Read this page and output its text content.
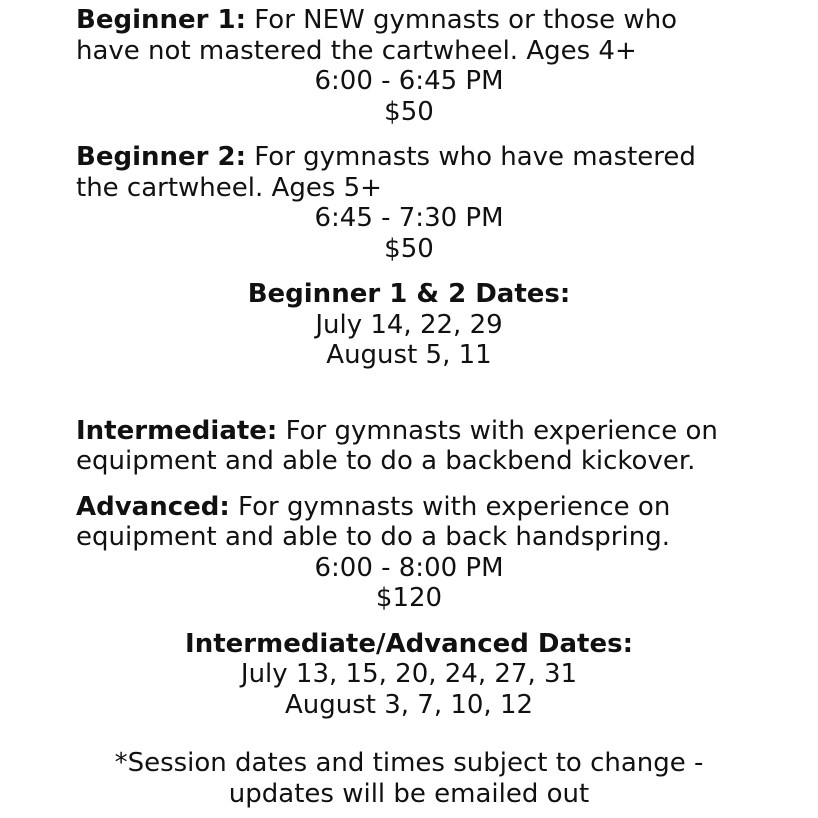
Beginner 1: For NEW gymnasts or those who have not mastered the cartwheel. Ages 4+

6:00 - 6:45 PM

$50

Beginner 2: For gymnasts who have mastered the cartwheel. Ages 5+

6:45 - 7:30 PM

$50

Beginner 1 & 2 Dates:

July 14, 22, 29

August 5, 11

Intermediate: For gymnasts with experience on equipment and able to do a backbend kickover.

Advanced: For gymnasts with experience on equipment and able to do a back handspring.

6:00 - 8:00 PM

$120

Intermediate/Advanced Dates:

July 13, 15, 20, 24, 27, 31

August 3, 7, 10, 12

*Session dates and times subject to change - updates will be emailed out
